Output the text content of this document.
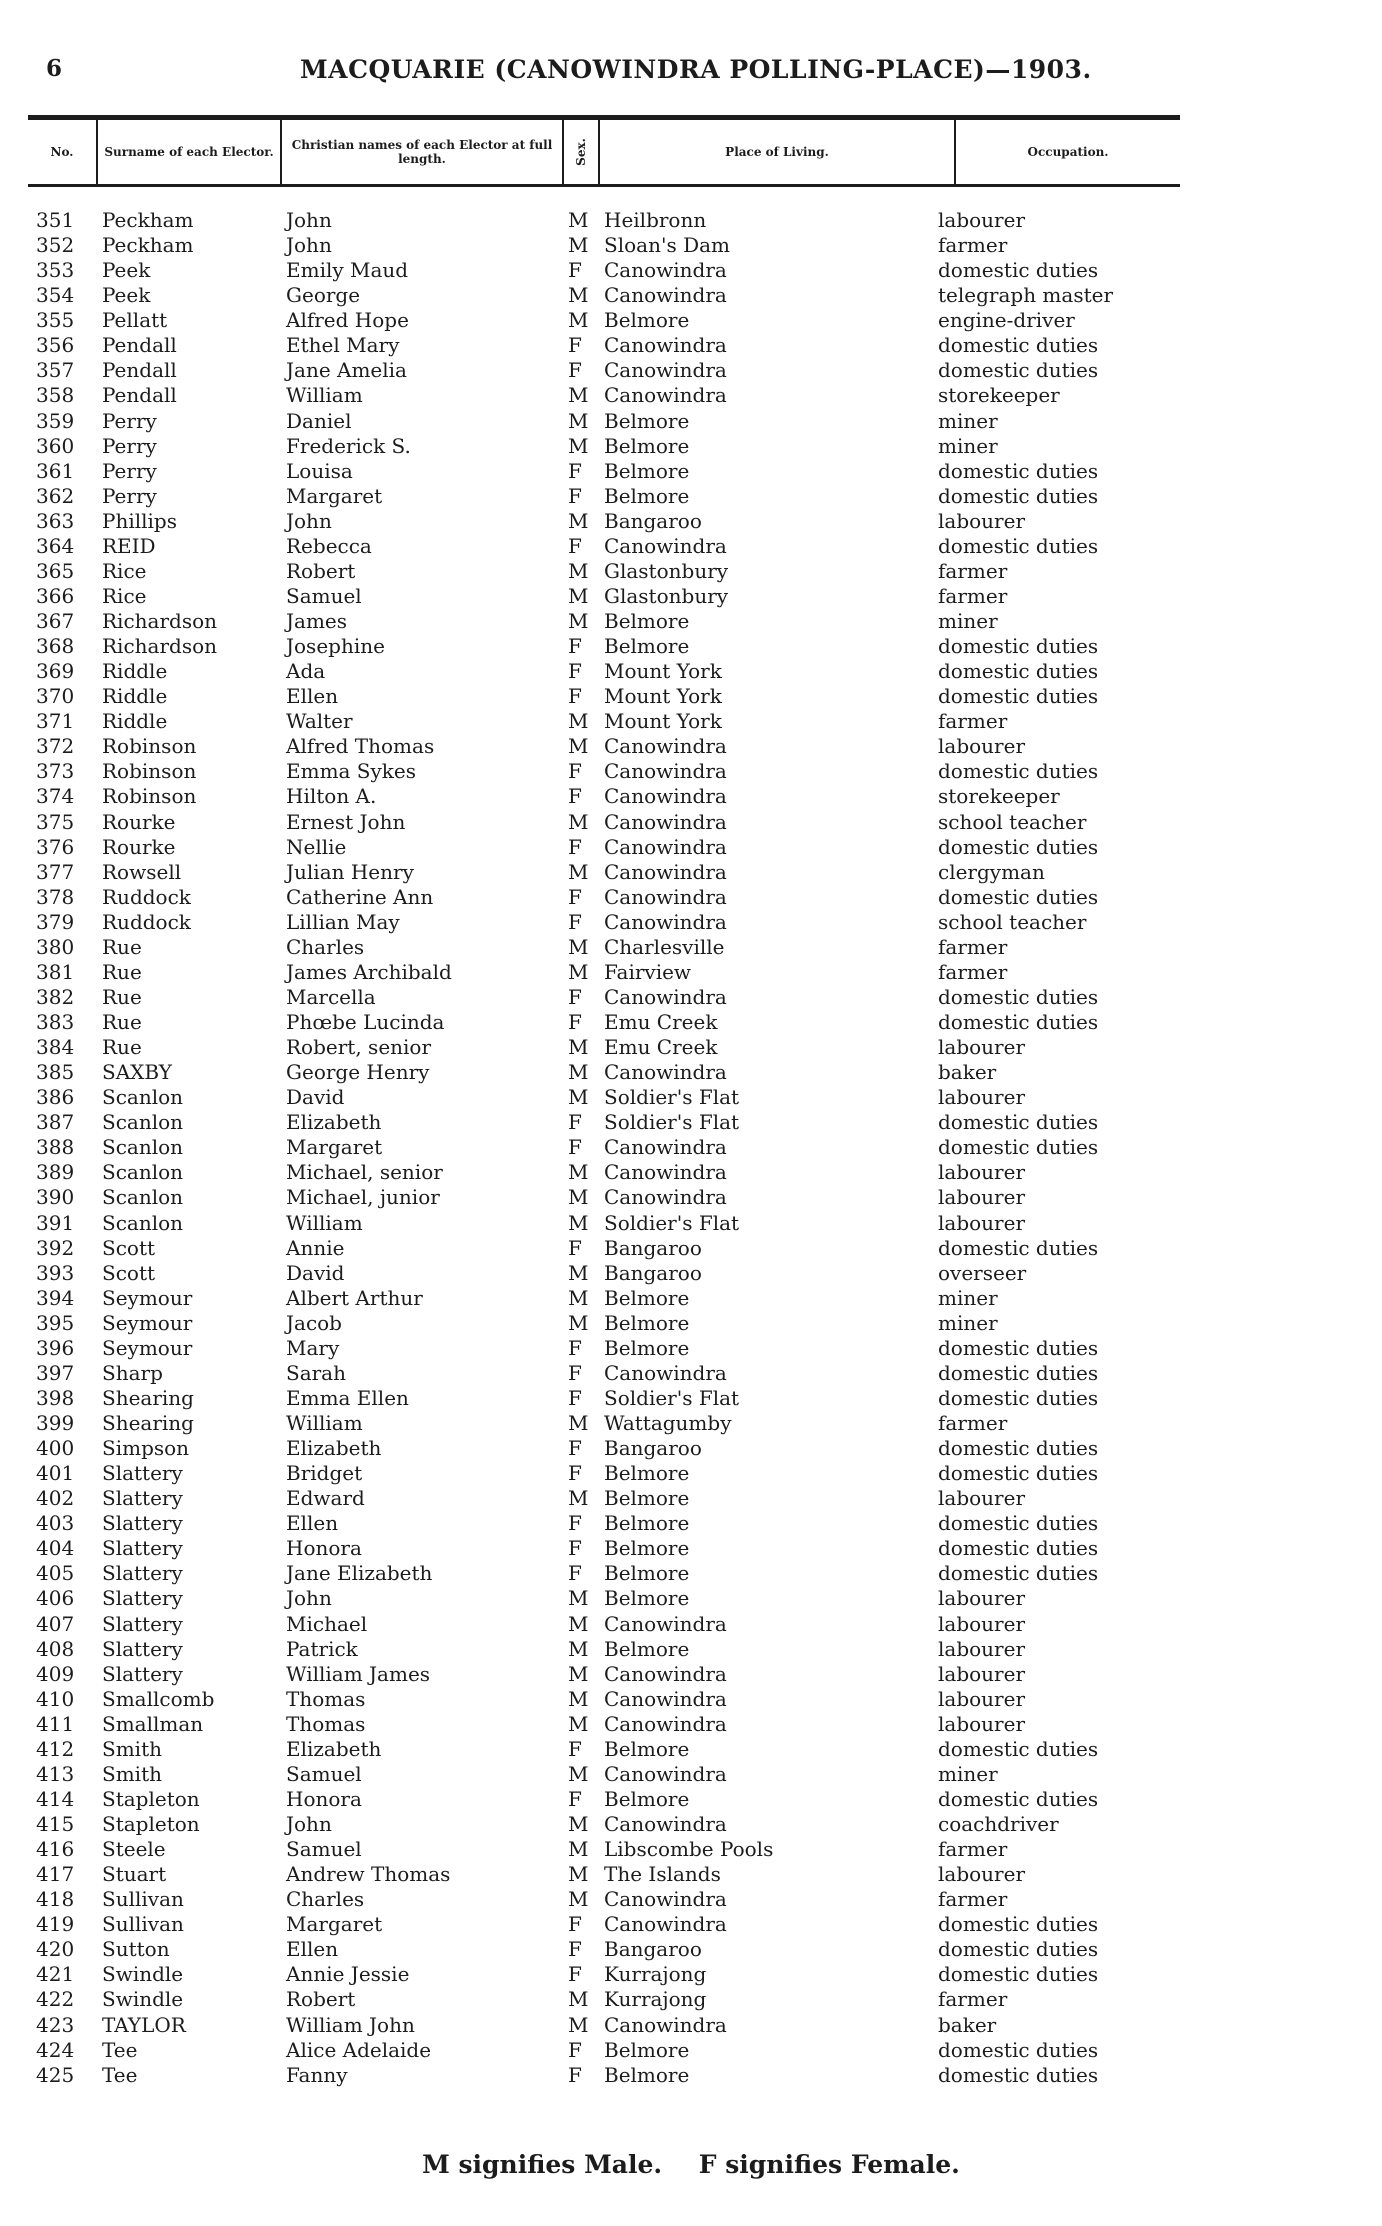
6	MACQUARIE (CANOWINDRA POLLING-PLACE)—1903.
No.	Surname of each Elector.	Christian names of each Elector at full length.	Sex.	Place of Living.	Occupation.
351 Peckham	John	M Heilbronn	labourer
352 Peckham	John	M Sloan's Dam	farmer
353 Peek	Emily Maud	F Canowindra	domestic duties
354 Peek	George	M Canowindra	telegraph master
355 Pellatt	Alfred Hope	M Belmore	engine-driver
356 Pendall	Ethel Mary	F Canowindra	domestic duties
357 Pendall	Jane Amelia	F Canowindra	domestic duties
358 Pendall	William	M Canowindra	storekeeper
359 Perry	Daniel	M Belmore	miner
360 Perry	Frederick S.	M Belmore	miner
361 Perry	Louisa	F Belmore	domestic duties
362 Perry	Margaret	F Belmore	domestic duties
363 Phillips	John	M Bangaroo	labourer
364 REID	Rebecca	F Canowindra	domestic duties
365 Rice	Robert	M Glastonbury	farmer
366 Rice	Samuel	M Glastonbury	farmer
367 Richardson	James	M Belmore	miner
368 Richardson	Josephine	F Belmore	domestic duties
369 Riddle	Ada	F Mount York	domestic duties
370 Riddle	Ellen	F Mount York	domestic duties
371 Riddle	Walter	M Mount York	farmer
372 Robinson	Alfred Thomas	M Canowindra	labourer
373 Robinson	Emma Sykes	F Canowindra	domestic duties
374 Robinson	Hilton A.	F Canowindra	storekeeper
375 Rourke	Ernest John	M Canowindra	school teacher
376 Rourke	Nellie	F Canowindra	domestic duties
377 Rowsell	Julian Henry	M Canowindra	clergyman
378 Ruddock	Catherine Ann	F Canowindra	domestic duties
379 Ruddock	Lillian May	F Canowindra	school teacher
380 Rue	Charles	M Charlesville	farmer
381 Rue	James Archibald	M Fairview	farmer
382 Rue	Marcella	F Canowindra	domestic duties
383 Rue	Phœbe Lucinda	F Emu Creek	domestic duties
384 Rue	Robert, senior	M Emu Creek	labourer
385 SAXBY	George Henry	M Canowindra	baker
386 Scanlon	David	M Soldier's Flat	labourer
387 Scanlon	Elizabeth	F Soldier's Flat	domestic duties
388 Scanlon	Margaret	F Canowindra	domestic duties
389 Scanlon	Michael, senior	M Canowindra	labourer
390 Scanlon	Michael, junior	M Canowindra	labourer
391 Scanlon	William	M Soldier's Flat	labourer
392 Scott	Annie	F Bangaroo	domestic duties
393 Scott	David	M Bangaroo	overseer
394 Seymour	Albert Arthur	M Belmore	miner
395 Seymour	Jacob	M Belmore	miner
396 Seymour	Mary	F Belmore	domestic duties
397 Sharp	Sarah	F Canowindra	domestic duties
398 Shearing	Emma Ellen	F Soldier's Flat	domestic duties
399 Shearing	William	M Wattagumby	farmer
400 Simpson	Elizabeth	F Bangaroo	domestic duties
401 Slattery	Bridget	F Belmore	domestic duties
402 Slattery	Edward	M Belmore	labourer
403 Slattery	Ellen	F Belmore	domestic duties
404 Slattery	Honora	F Belmore	domestic duties
405 Slattery	Jane Elizabeth	F Belmore	domestic duties
406 Slattery	John	M Belmore	labourer
407 Slattery	Michael	M Canowindra	labourer
408 Slattery	Patrick	M Belmore	labourer
409 Slattery	William James	M Canowindra	labourer
410 Smallcomb	Thomas	M Canowindra	labourer
411 Smallman	Thomas	M Canowindra	labourer
412 Smith	Elizabeth	F Belmore	domestic duties
413 Smith	Samuel	M Canowindra	miner
414 Stapleton	Honora	F Belmore	domestic duties
415 Stapleton	John	M Canowindra	coachdriver
416 Steele	Samuel	M Libscombe Pools	farmer
417 Stuart	Andrew Thomas	M The Islands	labourer
418 Sullivan	Charles	M Canowindra	farmer
419 Sullivan	Margaret	F Canowindra	domestic duties
420 Sutton	Ellen	F Bangaroo	domestic duties
421 Swindle	Annie Jessie	F Kurrajong	domestic duties
422 Swindle	Robert	M Kurrajong	farmer
423 TAYLOR	William John	M Canowindra	baker
424 Tee	Alice Adelaide	F Belmore	domestic duties
425 Tee	Fanny	F Belmore	domestic duties
M signifies Male. F signifies Female.
